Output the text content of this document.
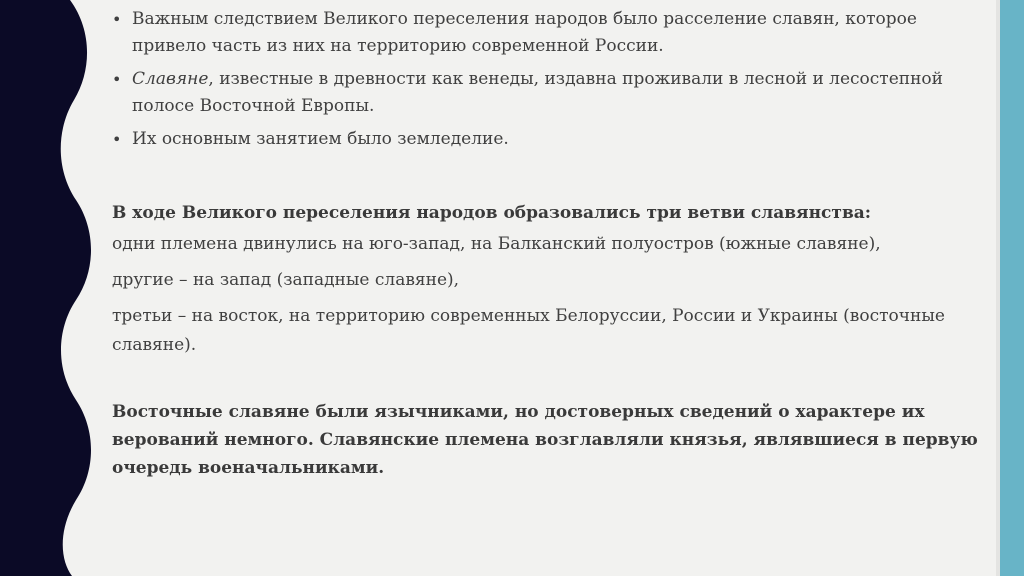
• Важным следствием Великого переселения народов было расселение славян, которое привело часть из них на территорию современной России.
• Славяне, известные в древности как венеды, издавна проживали в лесной и лесостепной полосе Восточной Европы.
• Их основным занятием было земледелие.

В ходе Великого переселения народов образовались три ветви славянства:

одни племена двинулись на юго-запад, на Балканский полуостров (южные славяне),

другие – на запад (западные славяне),

третьи – на восток, на территорию современных Белоруссии, России и Украины (восточные славяне).

Восточные славяне были язычниками, но достоверных сведений о характере их верований немного. Славянские племена возглавляли князья, являвшиеся в первую очередь военачальниками.
